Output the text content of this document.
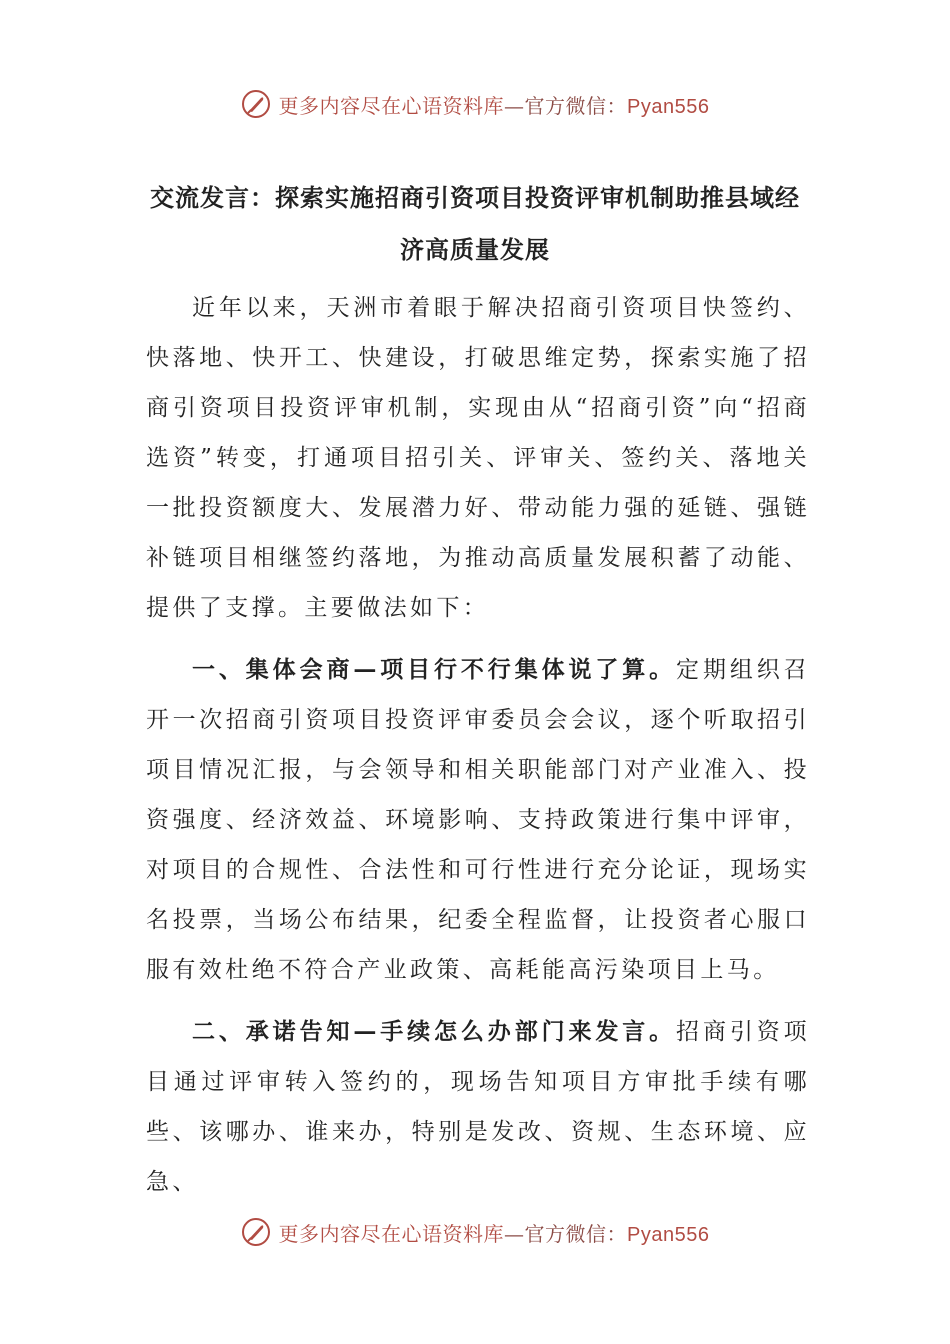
更多内容尽在心语资料库—官方微信：Pyan556
交流发言：探索实施招商引资项目投资评审机制助推县域经济高质量发展

近年以来，天洲市着眼于解决招商引资项目快签约、快落地、快开工、快建设，打破思维定势，探索实施了招商引资项目投资评审机制，实现由从“招商引资”向“招商选资”转变，打通项目招引关、评审关、签约关、落地关一批投资额度大、发展潜力好、带动能力强的延链、强链补链项目相继签约落地，为推动高质量发展积蓄了动能、提供了支撑。主要做法如下：

一、集体会商—项目行不行集体说了算。定期组织召开一次招商引资项目投资评审委员会会议，逐个听取招引项目情况汇报，与会领导和相关职能部门对产业准入、投资强度、经济效益、环境影响、支持政策进行集中评审，对项目的合规性、合法性和可行性进行充分论证，现场实名投票，当场公布结果，纪委全程监督，让投资者心服口服有效杜绝不符合产业政策、高耗能高污染项目上马。

二、承诺告知—手续怎么办部门来发言。招商引资项目通过评审转入签约的，现场告知项目方审批手续有哪些、该哪办、谁来办，特别是发改、资规、生态环境、应急、

更多内容尽在心语资料库—官方微信：Pyan556
